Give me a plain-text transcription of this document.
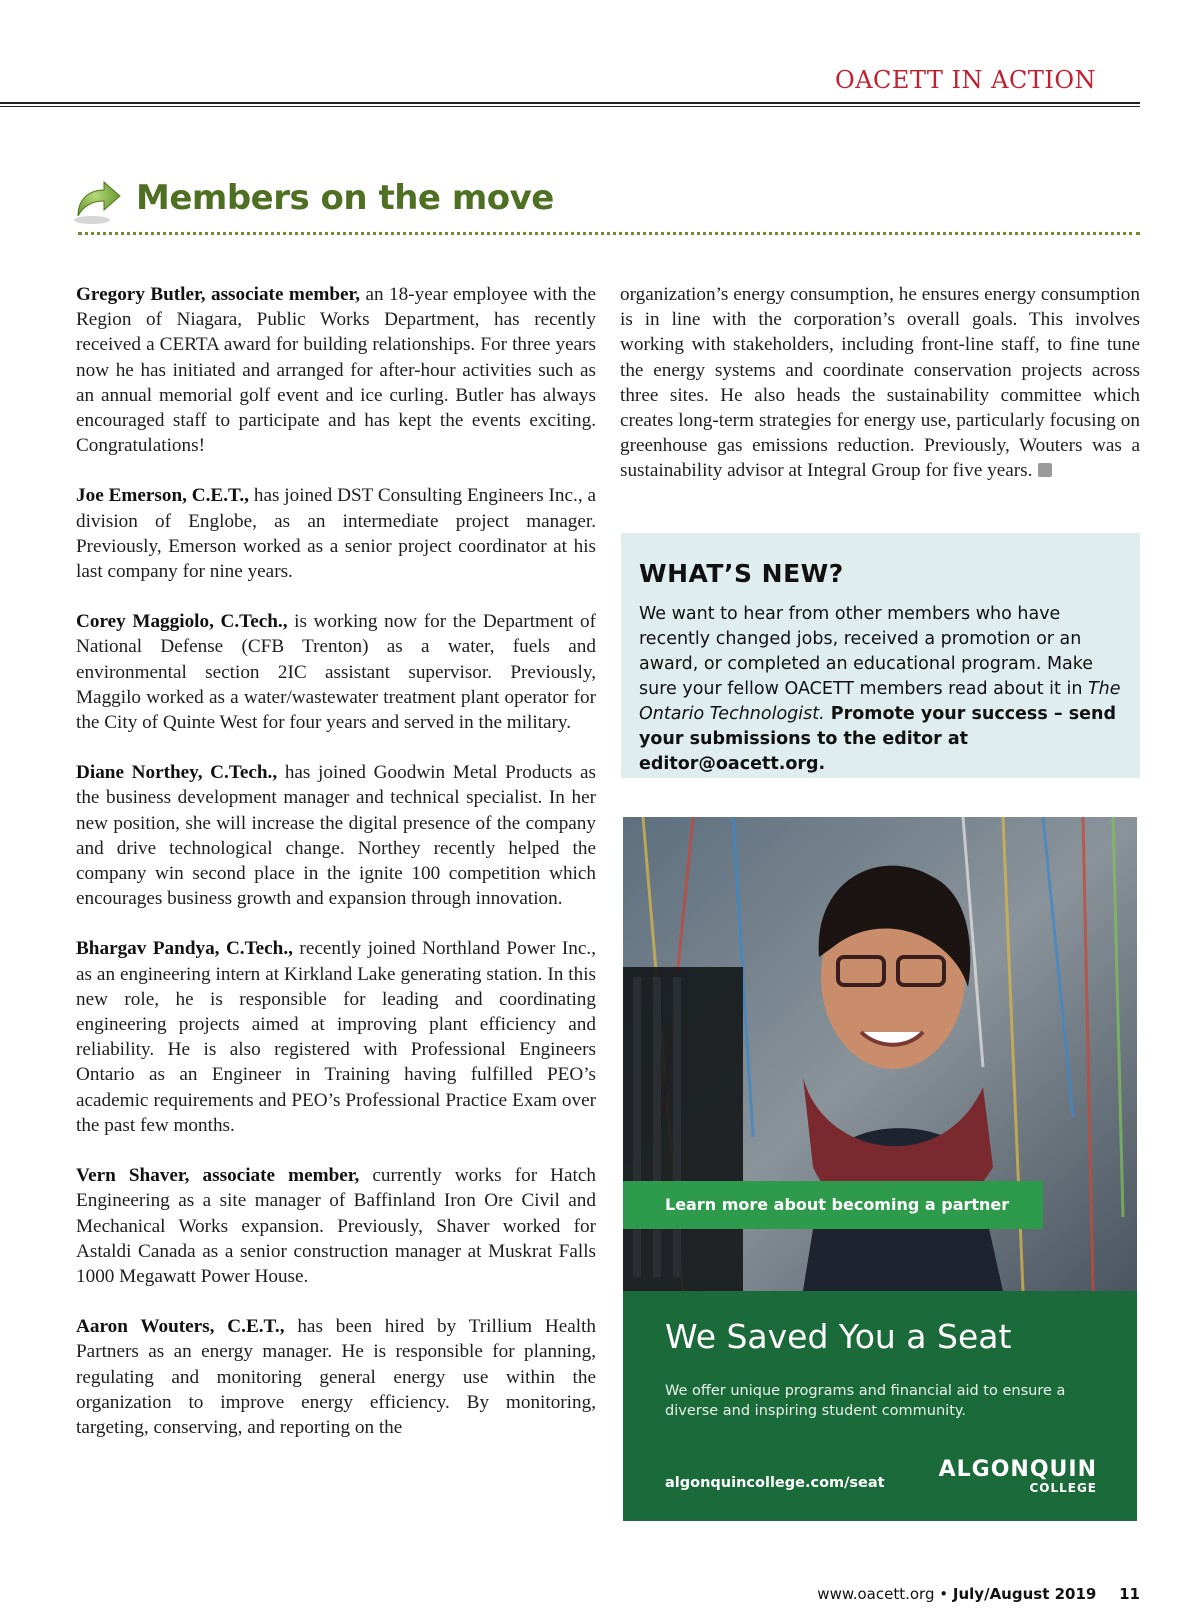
OACETT IN ACTION
Members on the move

Gregory Butler, associate member, an 18-year employee with the Region of Niagara, Public Works Department, has recently received a CERTA award for building relationships. For three years now he has initiated and arranged for after-hour activities such as an annual memorial golf event and ice curling. Butler has always encouraged staff to participate and has kept the events exciting. Congratulations!

Joe Emerson, C.E.T., has joined DST Consulting Engineers Inc., a division of Englobe, as an intermediate project manager. Previously, Emerson worked as a senior project coordinator at his last company for nine years.

Corey Maggiolo, C.Tech., is working now for the Department of National Defense (CFB Trenton) as a water, fuels and environmental section 2IC assistant supervisor. Previously, Maggilo worked as a water/wastewater treatment plant operator for the City of Quinte West for four years and served in the military.

Diane Northey, C.Tech., has joined Goodwin Metal Products as the business development manager and technical specialist. In her new position, she will increase the digital presence of the company and drive technological change. Northey recently helped the company win second place in the ignite 100 competition which encourages business growth and expansion through innovation.

Bhargav Pandya, C.Tech., recently joined Northland Power Inc., as an engineering intern at Kirkland Lake generating station. In this new role, he is responsible for leading and coordinating engineering projects aimed at improving plant efficiency and reliability. He is also registered with Professional Engineers Ontario as an Engineer in Training having fulfilled PEO’s academic requirements and PEO’s Professional Practice Exam over the past few months.

Vern Shaver, associate member, currently works for Hatch Engineering as a site manager of Baffinland Iron Ore Civil and Mechanical Works expansion. Previously, Shaver worked for Astaldi Canada as a senior construction manager at Muskrat Falls 1000 Megawatt Power House.

Aaron Wouters, C.E.T., has been hired by Trillium Health Partners as an energy manager. He is responsible for planning, regulating and monitoring general energy use within the organization to improve energy efficiency. By monitoring, targeting, conserving, and reporting on the

organization’s energy consumption, he ensures energy consumption is in line with the corporation’s overall goals. This involves working with stakeholders, including front-line staff, to fine tune the energy systems and coordinate conservation projects across three sites. He also heads the sustainability committee which creates long-term strategies for energy use, particularly focusing on greenhouse gas emissions reduction. Previously, Wouters was a sustainability advisor at Integral Group for five years.

WHAT’S NEW?
We want to hear from other members who have recently changed jobs, received a promotion or an award, or completed an educational program. Make sure your fellow OACETT members read about it in The Ontario Technologist. Promote your success – send your submissions to the editor at editor@oacett.org.
Learn more about becoming a partner
We Saved You a Seat
We offer unique programs and financial aid to ensure a diverse and inspiring student community.
algonquincollege.com/seat
ALGONQUIN
COLLEGE
www.oacett.org • July/August 2019 11
